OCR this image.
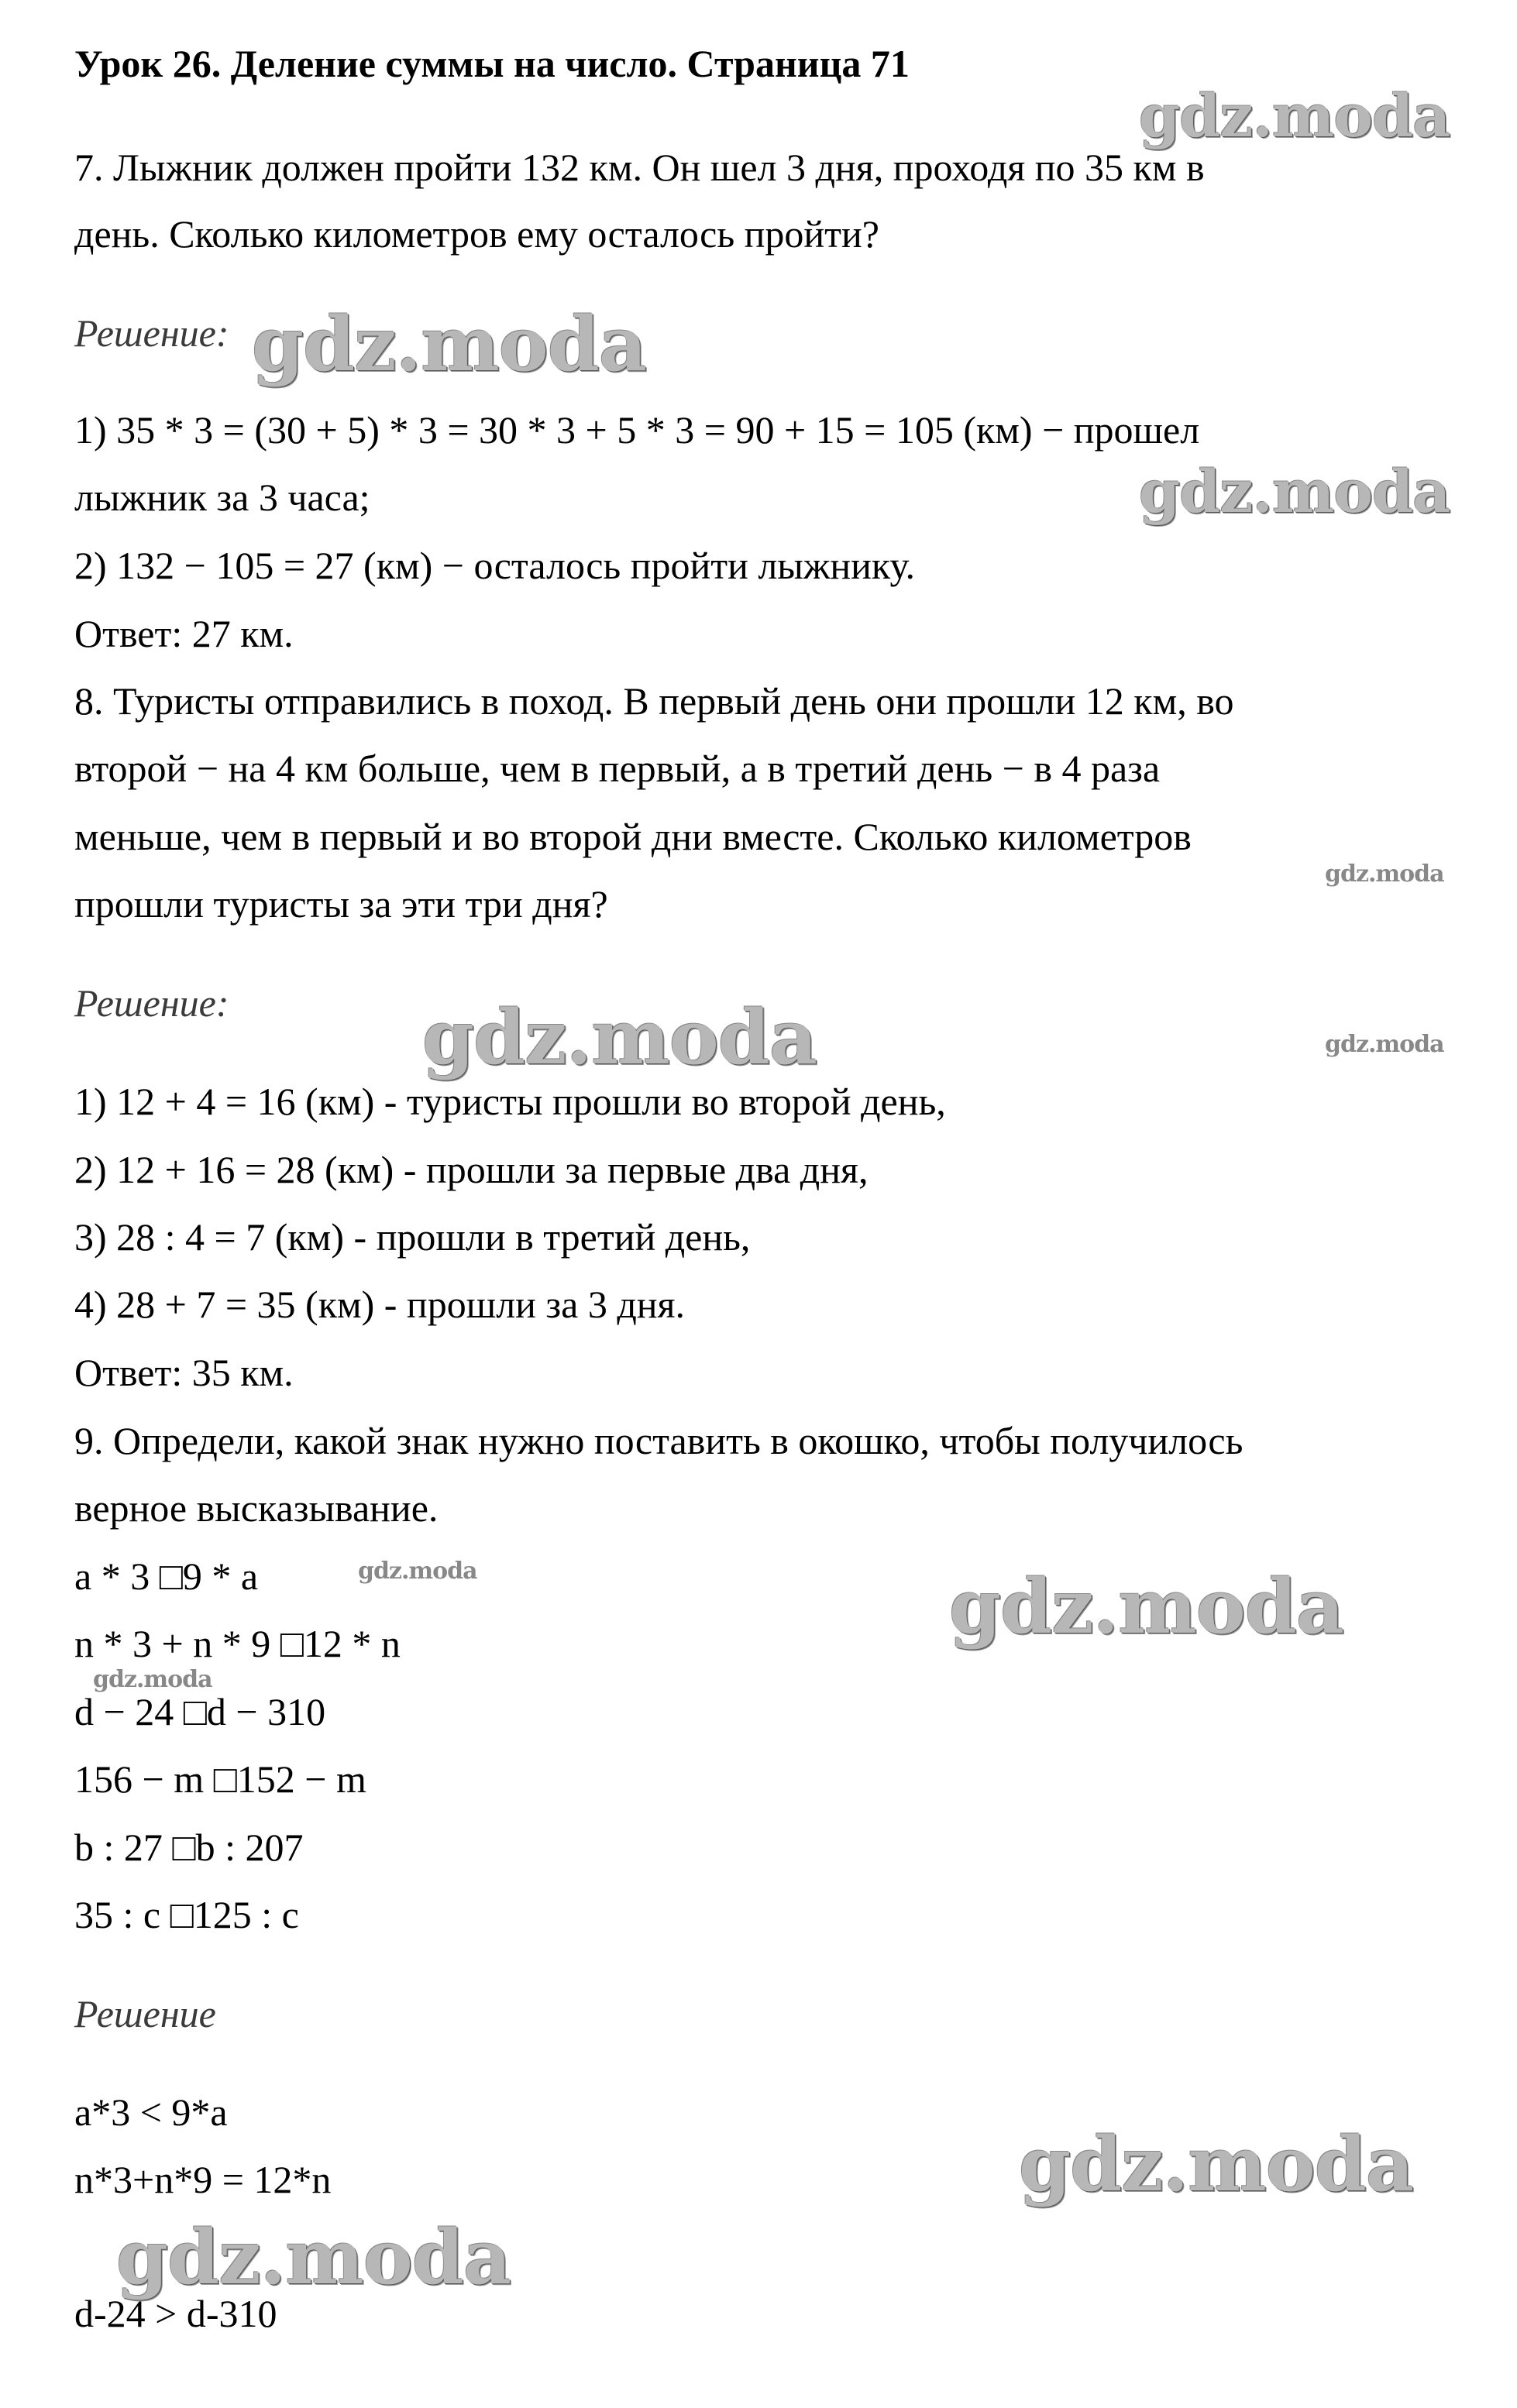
gdz.moda
gdz.moda
gdz.moda
gdz.moda
gdz.moda	gdz.moda
gdz.moda	gdz.moda
gdz.moda
gdz.moda
gdz.moda

Урок 26. Деление суммы на число. Страница 71

7. Лыжник должен пройти 132 км. Он шел 3 дня, проходя по 35 км в

день. Сколько километров ему осталось пройти?

Решение:

1) 35 * 3 = (30 + 5) * 3 = 30 * 3 + 5 * 3 = 90 + 15 = 105 (км) − прошел

лыжник за 3 часа;

2) 132 − 105 = 27 (км) − осталось пройти лыжнику.

Ответ: 27 км.

8. Туристы отправились в поход. В первый день они прошли 12 км, во

второй − на 4 км больше, чем в первый, а в третий день − в 4 раза

меньше, чем в первый и во второй дни вместе. Сколько километров

прошли туристы за эти три дня?

Решение:

1) 12 + 4 = 16 (км) - туристы прошли во второй день,

2) 12 + 16 = 28 (км) - прошли за первые два дня,

3) 28 : 4 = 7 (км) - прошли в третий день,

4) 28 + 7 = 35 (км) - прошли за 3 дня.

Ответ: 35 км.

9. Определи, какой знак нужно поставить в окошко, чтобы получилось

верное высказывание.

a * 3 □9 * a

n * 3 + n * 9 □12 * n

d − 24 □d − 310

156 − m □152 − m

b : 27 □b : 207

35 : c □125 : c

Решение

a*3 < 9*a

n*3+n*9 = 12*n

d-24 > d-310
